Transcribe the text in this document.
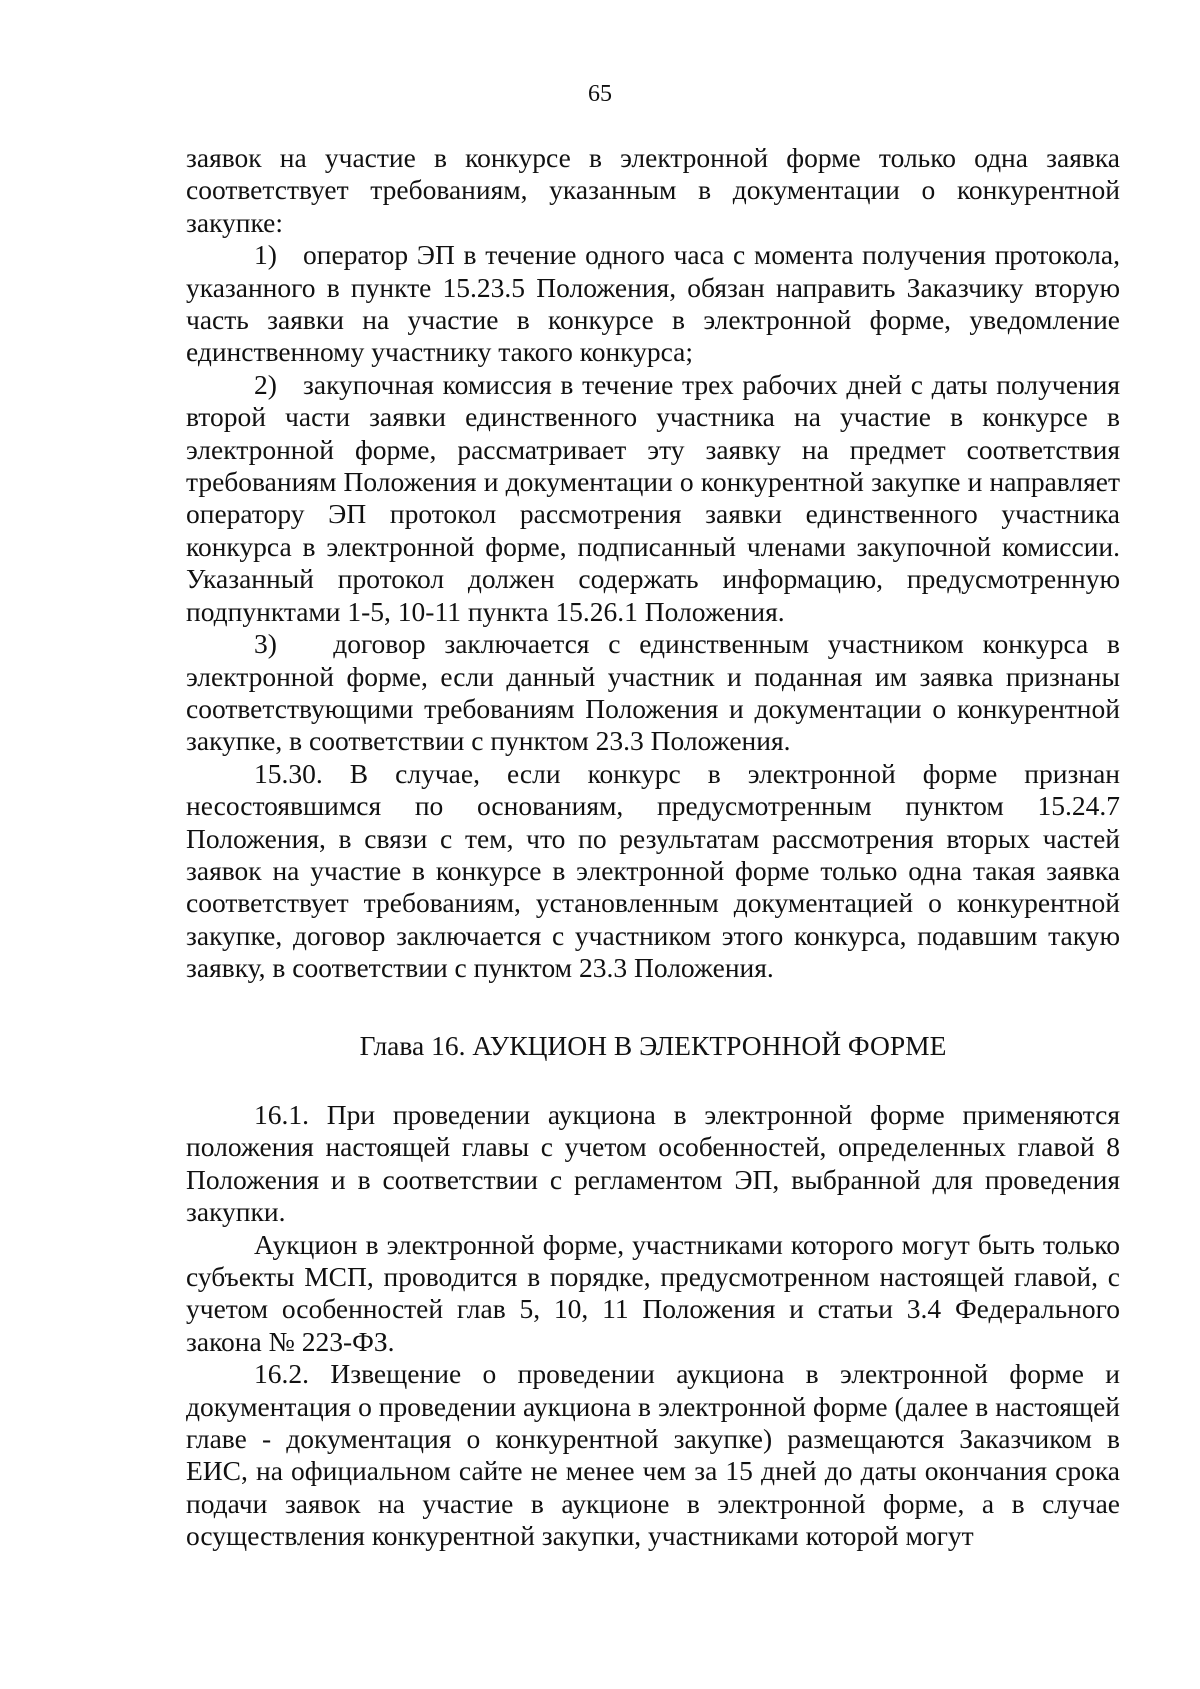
65

заявок на участие в конкурсе в электронной форме только одна заявка соответствует требованиям, указанным в документации о конкурентной закупке:

1)   оператор ЭП в течение одного часа с момента получения протокола, указанного в пункте 15.23.5 Положения, обязан направить Заказчику вторую часть заявки на участие в конкурсе в электронной форме, уведомление единственному участнику такого конкурса;

2)   закупочная комиссия в течение трех рабочих дней с даты получения второй части заявки единственного участника на участие в конкурсе в электронной форме, рассматривает эту заявку на предмет соответствия требованиям Положения и документации о конкурентной закупке и направляет оператору ЭП протокол рассмотрения заявки единственного участника конкурса в электронной форме, подписанный членами закупочной комиссии. Указанный протокол должен содержать информацию, предусмотренную подпунктами 1-5, 10-11 пункта 15.26.1 Положения.

3)   договор заключается с единственным участником конкурса в электронной форме, если данный участник и поданная им заявка признаны соответствующими требованиям Положения и документации о конкурентной закупке, в соответствии с пунктом 23.3 Положения.

15.30. В случае, если конкурс в электронной форме признан несостоявшимся по основаниям, предусмотренным пунктом 15.24.7 Положения, в связи с тем, что по результатам рассмотрения вторых частей заявок на участие в конкурсе в электронной форме только одна такая заявка соответствует требованиям, установленным документацией о конкурентной закупке, договор заключается с участником этого конкурса, подавшим такую заявку, в соответствии с пунктом 23.3 Положения.

Глава 16. АУКЦИОН В ЭЛЕКТРОННОЙ ФОРМЕ

16.1. При проведении аукциона в электронной форме применяются положения настоящей главы с учетом особенностей, определенных главой 8 Положения и в соответствии с регламентом ЭП, выбранной для проведения закупки.

Аукцион в электронной форме, участниками которого могут быть только субъекты МСП, проводится в порядке, предусмотренном настоящей главой, с учетом особенностей глав 5, 10, 11 Положения и статьи 3.4 Федерального закона № 223-ФЗ.

16.2. Извещение о проведении аукциона в электронной форме и документация о проведении аукциона в электронной форме (далее в настоящей главе - документация о конкурентной закупке) размещаются Заказчиком в ЕИС, на официальном сайте не менее чем за 15 дней до даты окончания срока подачи заявок на участие в аукционе в электронной форме, а в случае осуществления конкурентной закупки, участниками которой могут
